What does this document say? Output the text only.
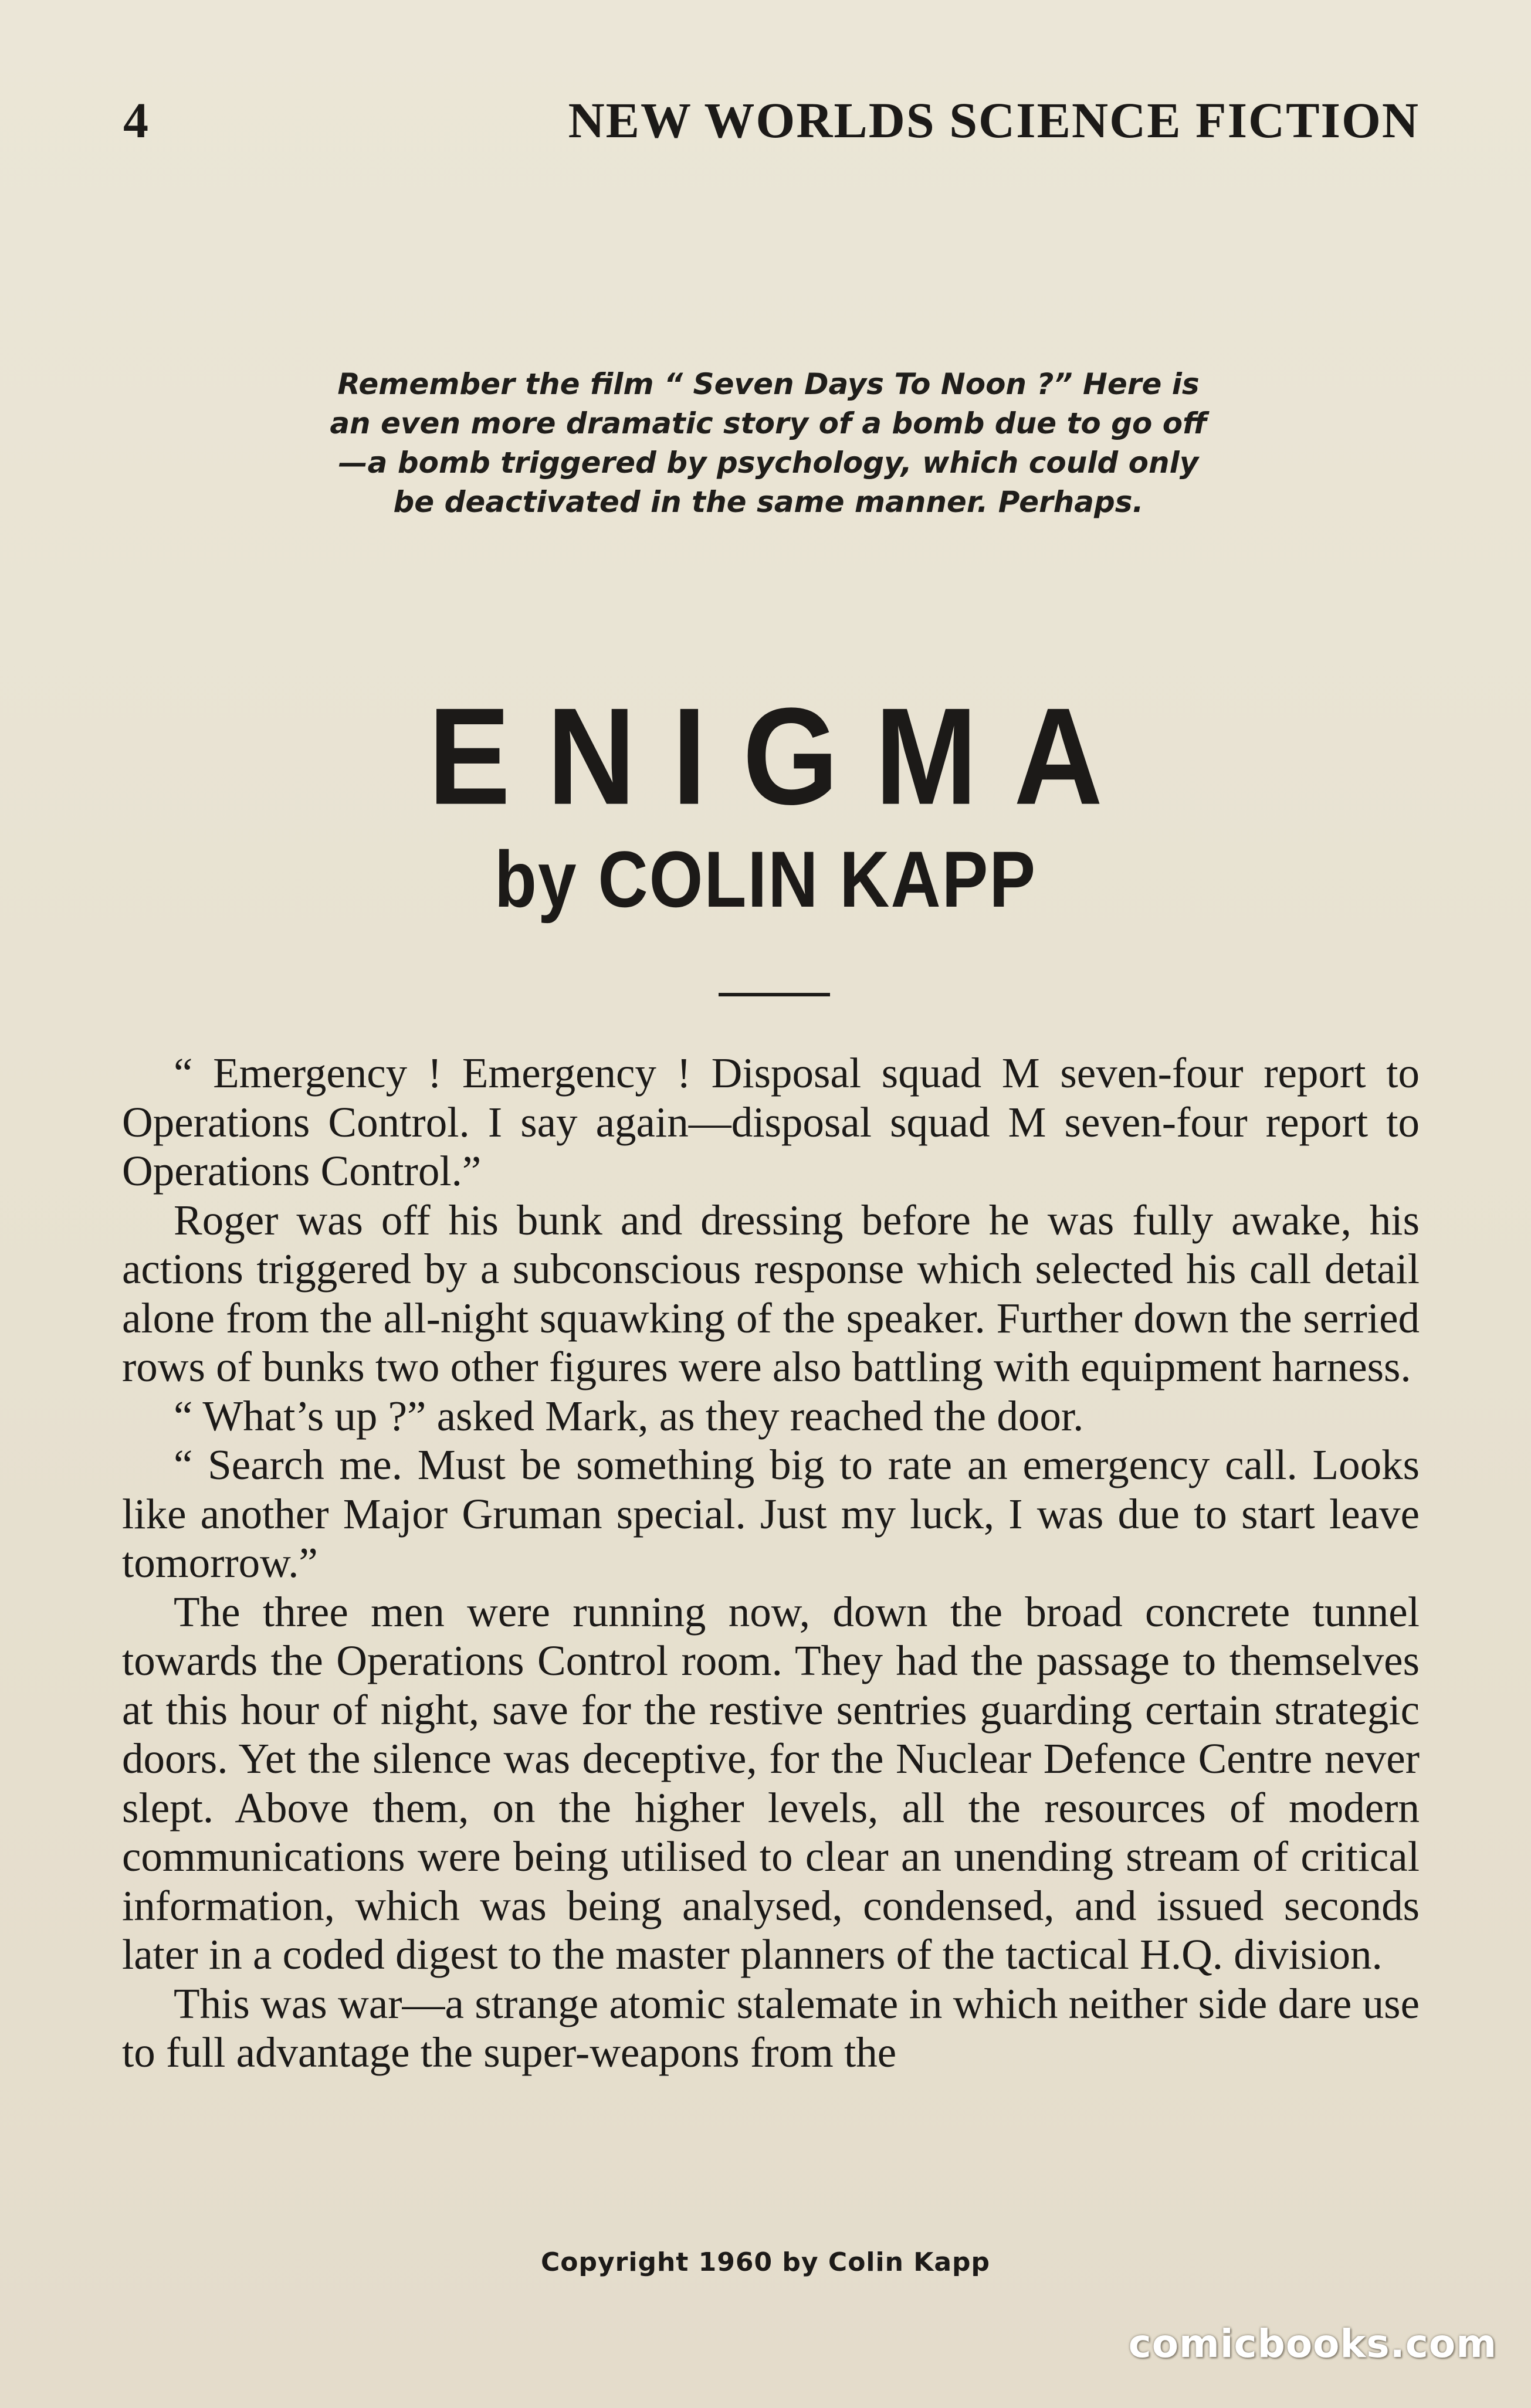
4	NEW WORLDS SCIENCE FICTION
Remember the film “ Seven Days To Noon ?” Here is an even more dramatic story of a bomb due to go off —a bomb triggered by psychology, which could only be deactivated in the same manner. Perhaps.
ENIGMA
by COLIN KAPP

“ Emergency ! Emergency ! Disposal squad M seven-four report to Operations Control. I say again—disposal squad M seven-four report to Operations Control.”

Roger was off his bunk and dressing before he was fully awake, his actions triggered by a subconscious response which selected his call detail alone from the all-night squawking of the speaker. Further down the serried rows of bunks two other figures were also battling with equipment harness.

“ What’s up ?” asked Mark, as they reached the door.

“ Search me. Must be something big to rate an emergency call. Looks like another Major Gruman special. Just my luck, I was due to start leave tomorrow.”

The three men were running now, down the broad concrete tunnel towards the Operations Control room. They had the passage to themselves at this hour of night, save for the restive sentries guarding certain strategic doors. Yet the silence was deceptive, for the Nuclear Defence Centre never slept. Above them, on the higher levels, all the resources of modern communications were being utilised to clear an unending stream of critical information, which was being analysed, condensed, and issued seconds later in a coded digest to the master planners of the tactical H.Q. division.

This was war—a strange atomic stalemate in which neither side dare use to full advantage the super-weapons from the

Copyright 1960 by Colin Kapp
comicbooks.com
